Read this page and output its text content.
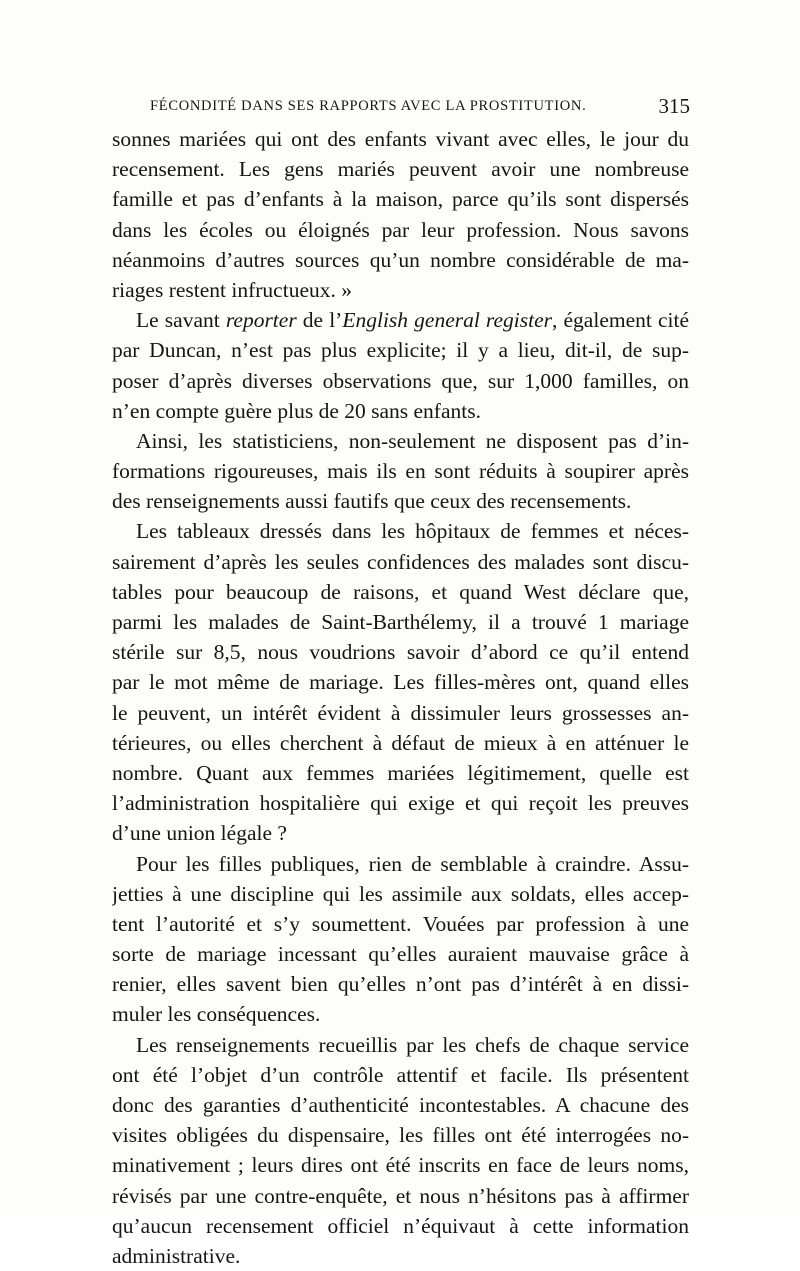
FÉCONDITÉ DANS SES RAPPORTS AVEC LA PROSTITUTION.	315
sonnes mariées qui ont des enfants vivant avec elles, le jour du
recensement. Les gens mariés peuvent avoir une nombreuse
famille et pas d’enfants à la maison, parce qu’ils sont dispersés
dans les écoles ou éloignés par leur profession. Nous savons
néanmoins d’autres sources qu’un nombre considérable de ma-
riages restent infructueux. »
Le savant reporter de l’English general register, également cité
par Duncan, n’est pas plus explicite; il y a lieu, dit-il, de sup-
poser d’après diverses observations que, sur 1,000 familles, on
n’en compte guère plus de 20 sans enfants.
Ainsi, les statisticiens, non-seulement ne disposent pas d’in-
formations rigoureuses, mais ils en sont réduits à soupirer après
des renseignements aussi fautifs que ceux des recensements.
Les tableaux dressés dans les hôpitaux de femmes et néces-
sairement d’après les seules confidences des malades sont discu-
tables pour beaucoup de raisons, et quand West déclare que,
parmi les malades de Saint-Barthélemy, il a trouvé 1 mariage
stérile sur 8,5, nous voudrions savoir d’abord ce qu’il entend
par le mot même de mariage. Les filles-mères ont, quand elles
le peuvent, un intérêt évident à dissimuler leurs grossesses an-
térieures, ou elles cherchent à défaut de mieux à en atténuer le
nombre. Quant aux femmes mariées légitimement, quelle est
l’administration hospitalière qui exige et qui reçoit les preuves
d’une union légale ?
Pour les filles publiques, rien de semblable à craindre. Assu-
jetties à une discipline qui les assimile aux soldats, elles accep-
tent l’autorité et s’y soumettent. Vouées par profession à une
sorte de mariage incessant qu’elles auraient mauvaise grâce à
renier, elles savent bien qu’elles n’ont pas d’intérêt à en dissi-
muler les conséquences.
Les renseignements recueillis par les chefs de chaque service
ont été l’objet d’un contrôle attentif et facile. Ils présentent
donc des garanties d’authenticité incontestables. A chacune des
visites obligées du dispensaire, les filles ont été interrogées no-
minativement ; leurs dires ont été inscrits en face de leurs noms,
révisés par une contre-enquête, et nous n’hésitons pas à affirmer
qu’aucun recensement officiel n’équivaut à cette information
administrative.
